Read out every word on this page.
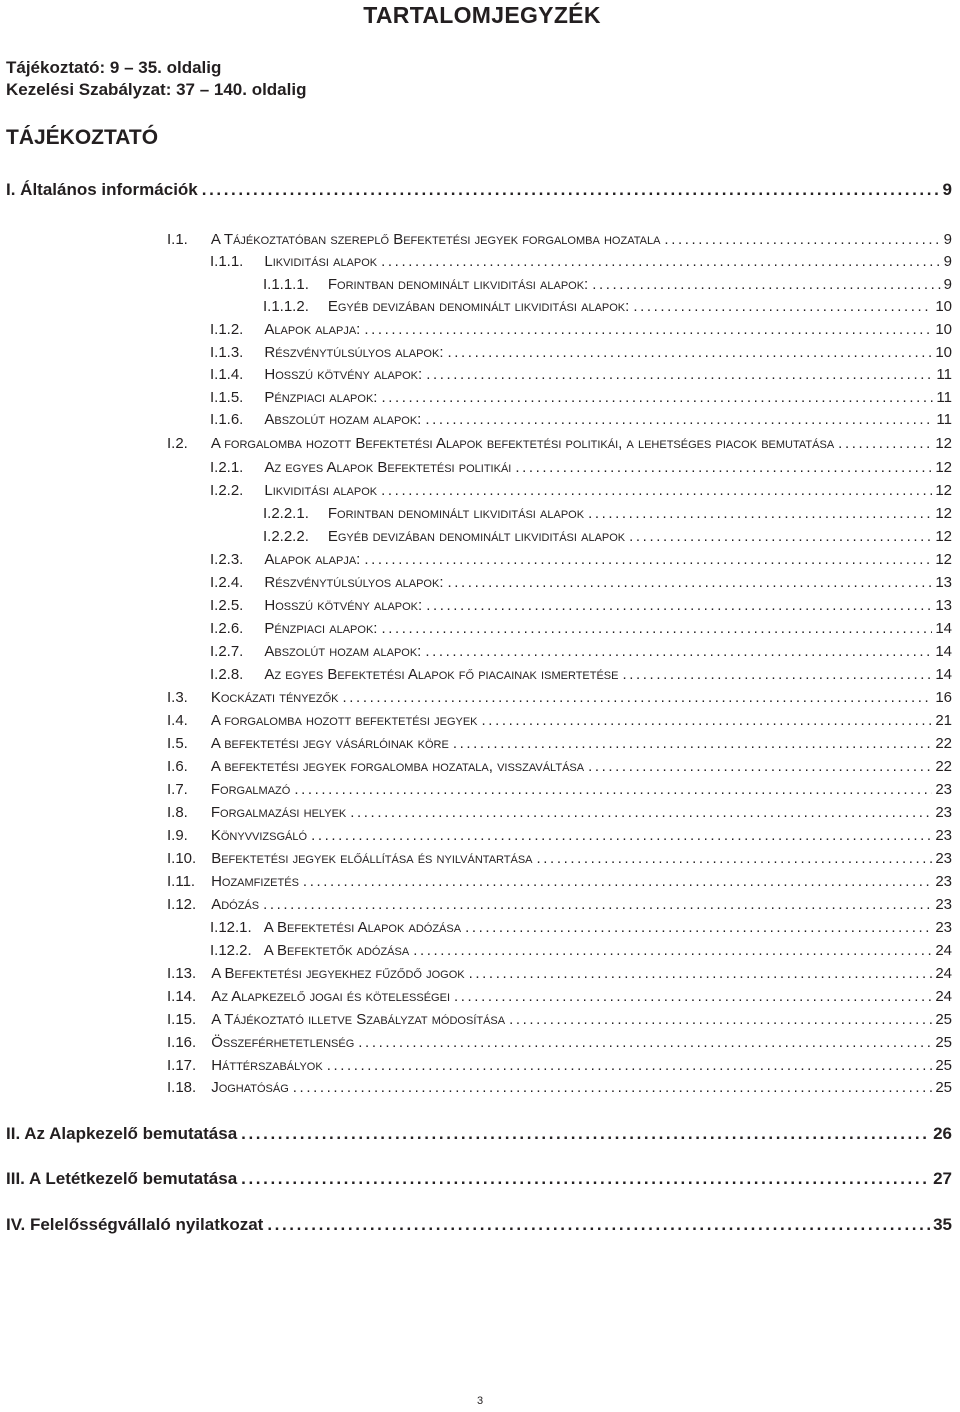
TARTALOMJEGYZÉK
Tájékoztató: 9 – 35. oldalig
Kezelési Szabályzat: 37 – 140. oldalig
TÁJÉKOZTATÓ
I. Általános információk .....	9
I.1. A Tájékoztatóban szereplő Befektetési jegyek forgalomba hozatala .....	9
I.1.1. Likviditási alapok .....	9
I.1.1.1. Forintban denominált likviditási alapok: .....	9
I.1.1.2. Egyéb devizában denominált likviditási alapok: .....	10
I.1.2. Alapok alapja: .....	10
I.1.3. Részvénytúlsúlyos alapok: .....	10
I.1.4. Hosszú kötvény alapok: .....	11
I.1.5. Pénzpiaci alapok: .....	11
I.1.6. Abszolút hozam alapok: .....	11
I.2. A forgalomba hozott Befektetési Alapok befektetési politikái, a lehetséges piacok bemutatása .....	12
I.2.1. Az egyes Alapok Befektetési politikái .....	12
I.2.2. Likviditási alapok .....	12
I.2.2.1. Forintban denominált likviditási alapok .....	12
I.2.2.2. Egyéb devizában denominált likviditási alapok .....	12
I.2.3. Alapok alapja: .....	12
I.2.4. Részvénytúlsúlyos alapok: .....	13
I.2.5. Hosszú kötvény alapok: .....	13
I.2.6. Pénzpiaci alapok: .....	14
I.2.7. Abszolút hozam alapok: .....	14
I.2.8. Az egyes Befektetési Alapok fő piacainak ismertetése .....	14
I.3. Kockázati tényezők .....	16
I.4. A forgalomba hozott befektetési jegyek .....	21
I.5. A befektetési jegy vásárlóinak köre .....	22
I.6. A befektetési jegyek forgalomba hozatala, visszaváltása .....	22
I.7. Forgalmazó .....	23
I.8. Forgalmazási helyek .....	23
I.9. Könyvvizsgáló .....	23
I.10. Befektetési jegyek előállítása és nyilvántartása .....	23
I.11. Hozamfizetés .....	23
I.12. Adózás .....	23
I.12.1. A Befektetési Alapok adózása .....	23
I.12.2. A Befektetők adózása .....	24
I.13. A Befektetési jegyekhez fűződő jogok .....	24
I.14. Az Alapkezelő jogai és kötelességei .....	24
I.15. A Tájékoztató illetve Szabályzat módosítása .....	25
I.16. Összeférhetetlenség .....	25
I.17. Háttérszabályok .....	25
I.18. Joghatóság .....	25
II. Az Alapkezelő bemutatása .....	26
III. A Letétkezelő bemutatása .....	27
IV. Felelősségvállaló nyilatkozat .....	35
3
